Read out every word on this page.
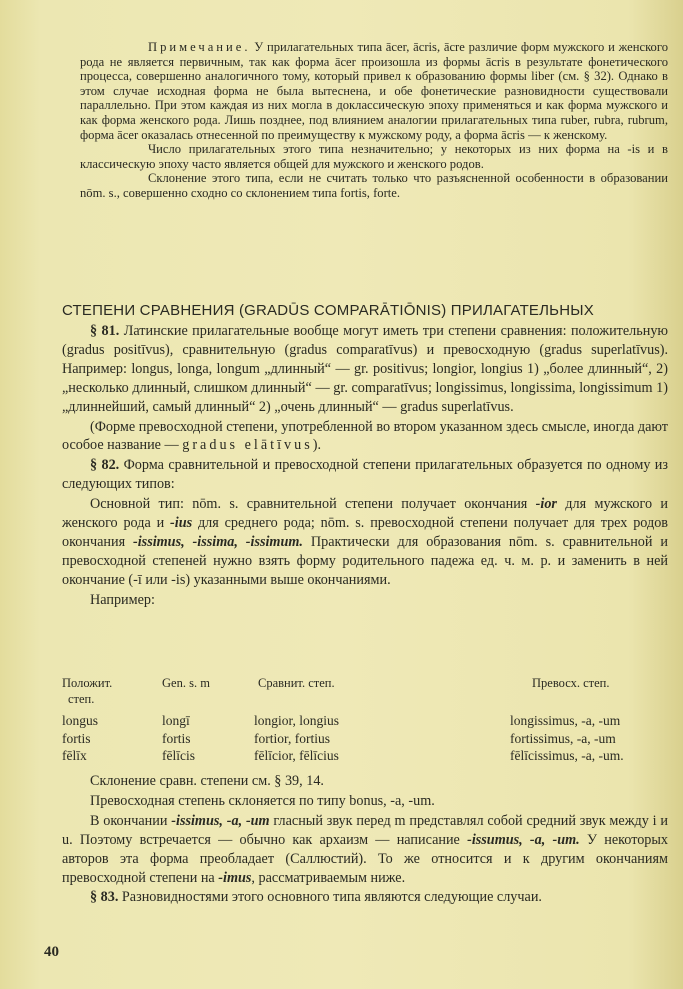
Примечание. У прилагательных типа ācer, ācris, ācre различие форм мужского и женского рода не является первичным, так как форма ācer произошла из формы ācris в результате фонетического процесса, совершенно аналогичного тому, который привел к образованию формы liber (см. § 32). Однако в этом случае исходная форма не была вытеснена, и обе фонетические разновидности существовали параллельно. При этом каждая из них могла в доклассическую эпоху применяться и как форма мужского и как форма женского рода. Лишь позднее, под влиянием аналогии прилагательных типа ruber, rubra, rubrum, форма ācer оказалась отнесенной по преимуществу к мужскому роду, а форма ācris — к женскому.

Число прилагательных этого типа незначительно; у некоторых из них форма на -is и в классическую эпоху часто является общей для мужского и женского родов.

Склонение этого типа, если не считать только что разъясненной особенности в образовании nōm. s., совершенно сходно со склонением типа fortis, forte.

СТЕПЕНИ СРАВНЕНИЯ (GRADŪS COMPARĀTIŌNIS) ПРИЛАГАТЕЛЬНЫХ

§ 81. Латинские прилагательные вообще могут иметь три степени сравнения: положительную (gradus positīvus), сравнительную (gradus comparatīvus) и превосходную (gradus superlatīvus). Например: longus, longa, longum „длинный“ — gr. positivus; longior, longius 1) „более длинный“, 2) „несколько длинный, слишком длинный“ — gr. comparatīvus; longissimus, longissima, longissimum 1) „длиннейший, самый длинный“ 2) „очень длинный“ — gradus superlatīvus.

(Форме превосходной степени, употребленной во втором указанном здесь смысле, иногда дают особое название — gradus elātīvus).

§ 82. Форма сравнительной и превосходной степени прилагательных образуется по одному из следующих типов:

Основной тип: nōm. s. сравнительной степени получает окончания -ior для мужского и женского рода и -ius для среднего рода; nōm. s. превосходной степени получает для трех родов окончания -issimus, -issima, -issimum. Практически для образования nōm. s. сравнительной и превосходной степеней нужно взять форму родительного падежа ед. ч. м. р. и заменить в ней окончание (-ī или -is) указанными выше окончаниями.

Например:

Положит.	Gen. s. m	Сравнит. степ.	Превосх. степ.
степ.
longus	longī	longior, longius	longissimus, -a, -um
fortis	fortis	fortior, fortius	fortissimus, -a, -um
fēlīx	fēlīcis	fēlīcior, fēlīcius	fēlīcissimus, -a, -um.

Склонение сравн. степени см. § 39, 14.

Превосходная степень склоняется по типу bonus, -a, -um.

В окончании -issimus, -a, -um гласный звук перед m представлял собой средний звук между i и u. Поэтому встречается — обычно как архаизм — написание -issumus, -a, -um. У некоторых авторов эта форма преобладает (Саллюстий). То же относится и к другим окончаниям превосходной степени на -imus, рассматриваемым ниже.

§ 83. Разновидностями этого основного типа являются следующие случаи.

40
